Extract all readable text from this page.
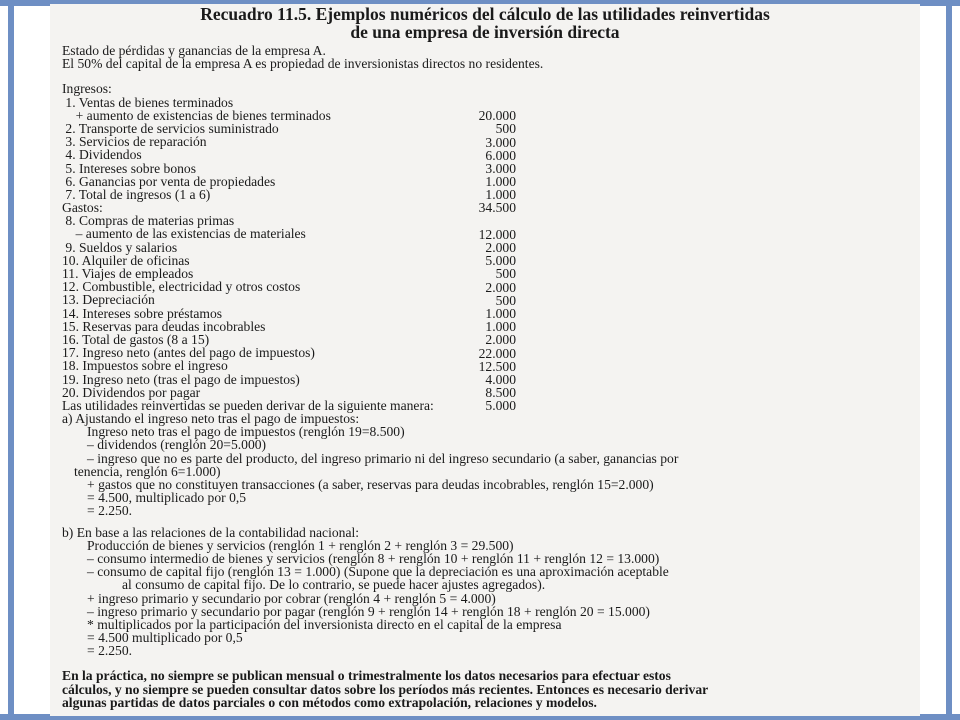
Recuadro 11.5. Ejemplos numéricos del cálculo de las utilidades reinvertidas
de una empresa de inversión directa
Estado de pérdidas y ganancias de la empresa A.
El 50% del capital de la empresa A es propiedad de inversionistas directos no residentes.
Ingresos:
1. Ventas de bienes terminados
20.000
+ aumento de existencias de bienes terminados
500
2. Transporte de servicios suministrado
3.000
3. Servicios de reparación
6.000
4. Dividendos
3.000
5. Intereses sobre bonos
1.000
6. Ganancias por venta de propiedades
1.000
7. Total de ingresos (1 a 6)
34.500
Gastos:
8. Compras de materias primas
12.000
– aumento de las existencias de materiales
2.000
9. Sueldos y salarios
5.000
10. Alquiler de oficinas
500
11. Viajes de empleados
2.000
12. Combustible, electricidad y otros costos
500
13. Depreciación
1.000
14. Intereses sobre préstamos
1.000
15. Reservas para deudas incobrables
2.000
16. Total de gastos (8 a 15)
22.000
17. Ingreso neto (antes del pago de impuestos)
12.500
18. Impuestos sobre el ingreso
4.000
19. Ingreso neto (tras el pago de impuestos)
8.500
20. Dividendos por pagar
5.000
Las utilidades reinvertidas se pueden derivar de la siguiente manera:
a) Ajustando el ingreso neto tras el pago de impuestos:
Ingreso neto tras el pago de impuestos (renglón 19=8.500)
– dividendos (renglón 20=5.000)
– ingreso que no es parte del producto, del ingreso primario ni del ingreso secundario (a saber, ganancias por
tenencia, renglón 6=1.000)
+ gastos que no constituyen transacciones (a saber, reservas para deudas incobrables, renglón 15=2.000)
= 4.500, multiplicado por 0,5
= 2.250.
b) En base a las relaciones de la contabilidad nacional:
Producción de bienes y servicios (renglón 1 + renglón 2 + renglón 3 = 29.500)
– consumo intermedio de bienes y servicios (renglón 8 + renglón 10 + renglón 11 + renglón 12 = 13.000)
– consumo de capital fijo (renglón 13 = 1.000) (Supone que la depreciación es una aproximación aceptable
al consumo de capital fijo. De lo contrario, se puede hacer ajustes agregados).
+ ingreso primario y secundario por cobrar (renglón 4 + renglón 5 = 4.000)
– ingreso primario y secundario por pagar (renglón 9 + renglón 14 + renglón 18 + renglón 20 = 15.000)
* multiplicados por la participación del inversionista directo en el capital de la empresa
= 4.500 multiplicado por 0,5
= 2.250.
En la práctica, no siempre se publican mensual o trimestralmente los datos necesarios para efectuar estos
cálculos, y no siempre se pueden consultar datos sobre los períodos más recientes. Entonces es necesario derivar
algunas partidas de datos parciales o con métodos como extrapolación, relaciones y modelos.
